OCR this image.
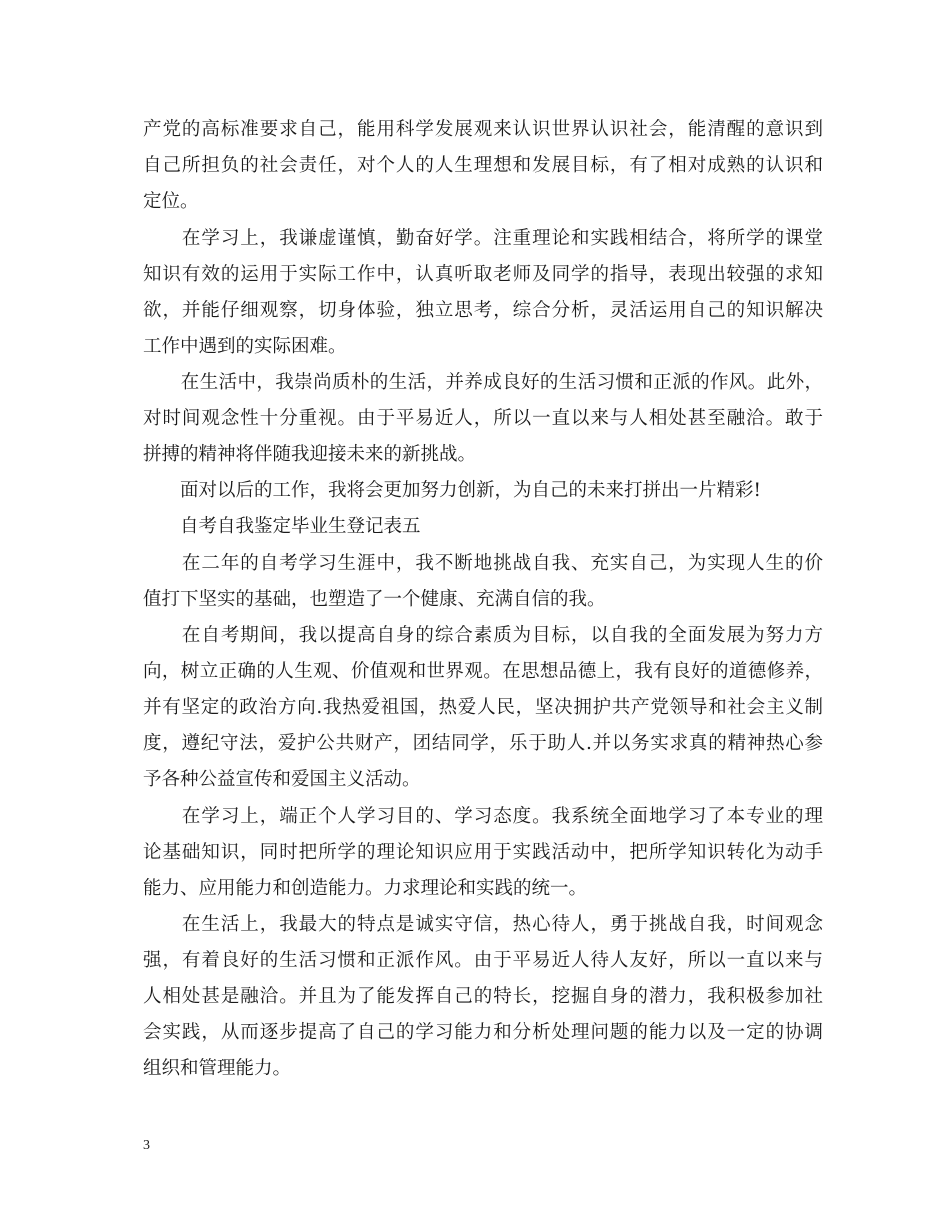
产党的高标准要求自己，能用科学发展观来认识世界认识社会，能清醒的意识到
自己所担负的社会责任，对个人的人生理想和发展目标，有了相对成熟的认识和
定位。
　　在学习上，我谦虚谨慎，勤奋好学。注重理论和实践相结合，将所学的课堂
知识有效的运用于实际工作中，认真听取老师及同学的指导，表现出较强的求知
欲，并能仔细观察，切身体验，独立思考，综合分析，灵活运用自己的知识解决
工作中遇到的实际困难。
　　在生活中，我崇尚质朴的生活，并养成良好的生活习惯和正派的作风。此外，
对时间观念性十分重视。由于平易近人，所以一直以来与人相处甚至融洽。敢于
拼搏的精神将伴随我迎接未来的新挑战。
　　面对以后的工作，我将会更加努力创新，为自己的未来打拼出一片精彩!
　　自考自我鉴定毕业生登记表五
　　在二年的自考学习生涯中，我不断地挑战自我、充实自己，为实现人生的价
值打下坚实的基础，也塑造了一个健康、充满自信的我。
　　在自考期间，我以提高自身的综合素质为目标，以自我的全面发展为努力方
向，树立正确的人生观、价值观和世界观。在思想品德上，我有良好的道德修养，
并有坚定的政治方向.我热爱祖国，热爱人民，坚决拥护共产党领导和社会主义制
度，遵纪守法，爱护公共财产，团结同学，乐于助人.并以务实求真的精神热心参
予各种公益宣传和爱国主义活动。
　　在学习上，端正个人学习目的、学习态度。我系统全面地学习了本专业的理
论基础知识，同时把所学的理论知识应用于实践活动中，把所学知识转化为动手
能力、应用能力和创造能力。力求理论和实践的统一。
　　在生活上，我最大的特点是诚实守信，热心待人，勇于挑战自我，时间观念
强，有着良好的生活习惯和正派作风。由于平易近人待人友好，所以一直以来与
人相处甚是融洽。并且为了能发挥自己的特长，挖掘自身的潜力，我积极参加社
会实践，从而逐步提高了自己的学习能力和分析处理问题的能力以及一定的协调
组织和管理能力。
3
